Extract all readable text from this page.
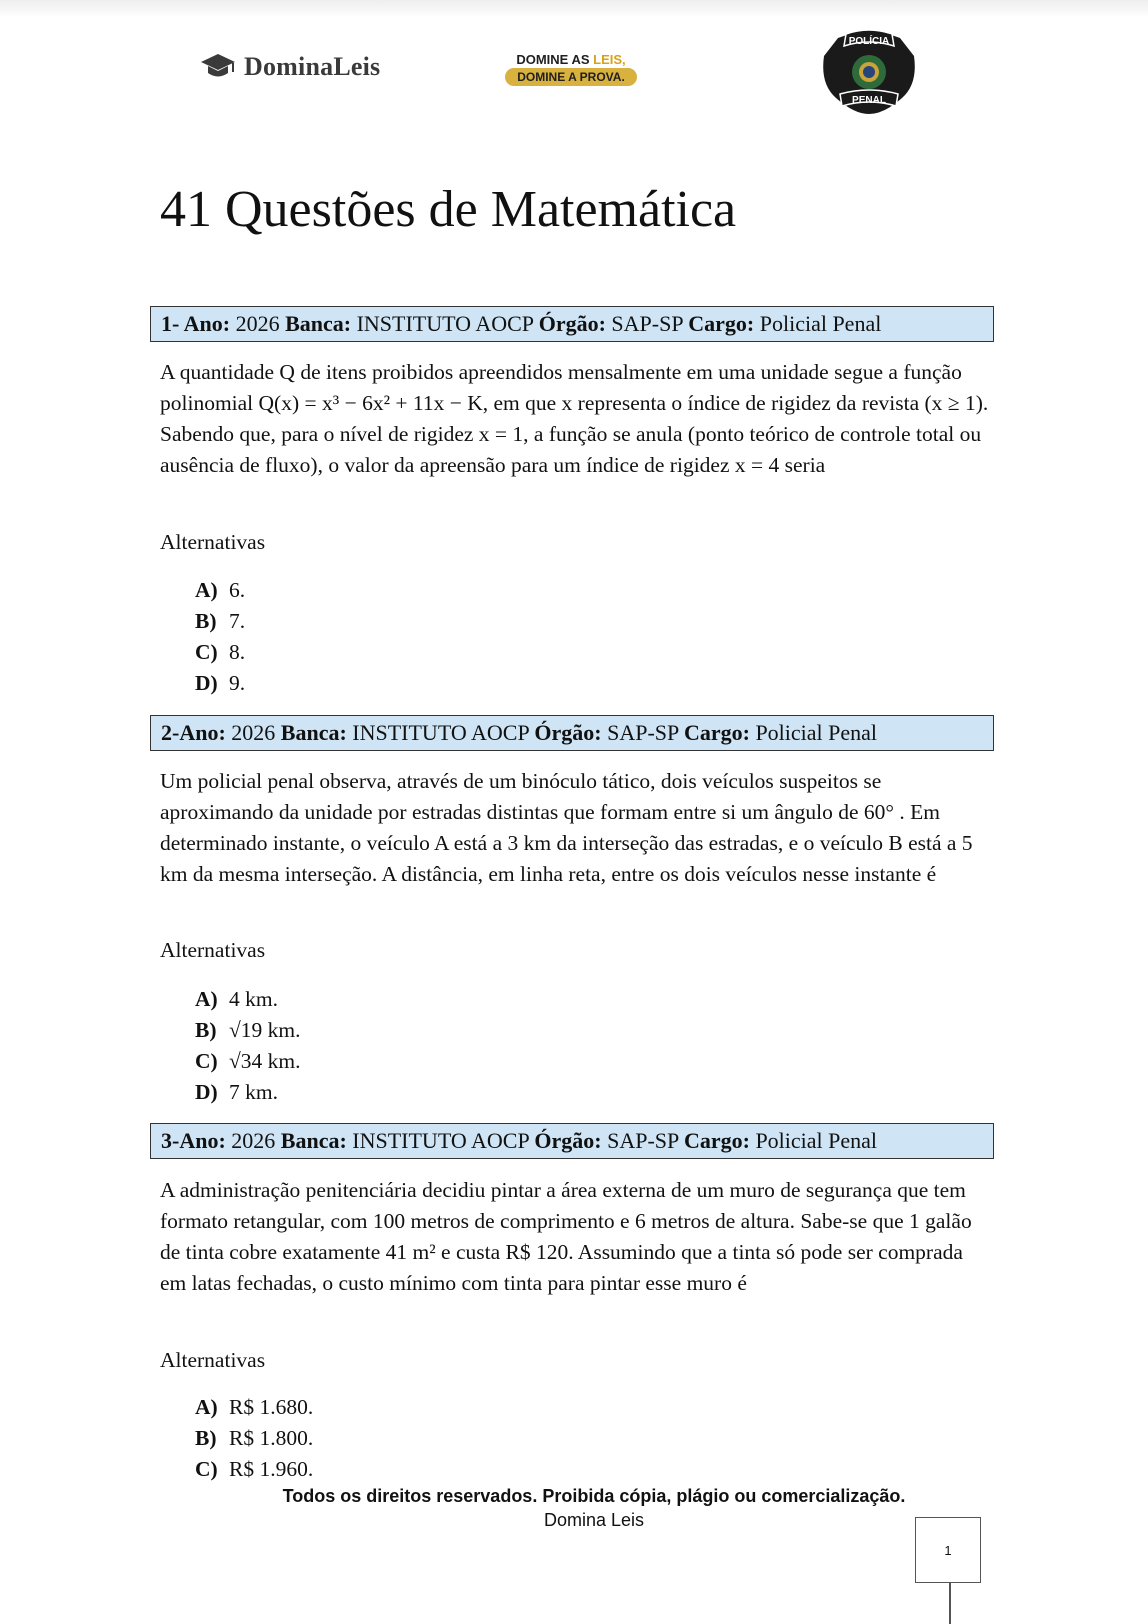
DominaLeis	DOMINE AS LEIS,
DOMINE A PROVA.
POLÍCIA
PENAL
41 Questões de Matemática
1- Ano: 2026 Banca: INSTITUTO AOCP Órgão: SAP-SP Cargo: Policial Penal

A quantidade Q de itens proibidos apreendidos mensalmente em uma unidade segue a função polinomial Q(x) = x³ − 6x² + 11x − K, em que x representa o índice de rigidez da revista (x ≥ 1). Sabendo que, para o nível de rigidez x = 1, a função se anula (ponto teórico de controle total ou ausência de fluxo), o valor da apreensão para um índice de rigidez x = 4 seria

Alternativas
A) 6.
B) 7.
C) 8.
D) 9.
2-Ano: 2026 Banca: INSTITUTO AOCP Órgão: SAP-SP Cargo: Policial Penal

Um policial penal observa, através de um binóculo tático, dois veículos suspeitos se aproximando da unidade por estradas distintas que formam entre si um ângulo de 60° . Em determinado instante, o veículo A está a 3 km da interseção das estradas, e o veículo B está a 5 km da mesma interseção. A distância, em linha reta, entre os dois veículos nesse instante é

Alternativas
A) 4 km.
B) √19 km.
C) √34 km.
D) 7 km.
3-Ano: 2026 Banca: INSTITUTO AOCP Órgão: SAP-SP Cargo: Policial Penal

A administração penitenciária decidiu pintar a área externa de um muro de segurança que tem formato retangular, com 100 metros de comprimento e 6 metros de altura. Sabe-se que 1 galão de tinta cobre exatamente 41 m² e custa R$ 120. Assumindo que a tinta só pode ser comprada em latas fechadas, o custo mínimo com tinta para pintar esse muro é

Alternativas
A) R$ 1.680.
B) R$ 1.800.
C) R$ 1.960.
Todos os direitos reservados. Proibida cópia, plágio ou comercialização.
Domina Leis
1
